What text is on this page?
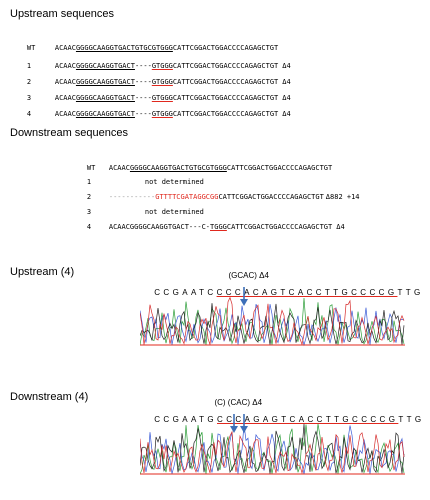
Upstream sequences

WT	ACAACGGGGCAAGGTGACTGTGCGTGGGCATTCGGACTGGACCCCAGAGCTGT

1	ACAACGGGGCAAGGTGACT----GTGGGCATTCGGACTGGACCCCAGAGCTGT Δ4

2	ACAACGGGGCAAGGTGACT----GTGGGCATTCGGACTGGACCCCAGAGCTGT Δ4

3	ACAACGGGGCAAGGTGACT----GTGGGCATTCGGACTGGACCCCAGAGCTGT Δ4

4	ACAACGGGGCAAGGTGACT----GTGGGCATTCGGACTGGACCCCAGAGCTGT Δ4

Downstream sequences

WT ACAACGGGGCAAGGTGACTGTGCGTGGGCATTCGGACTGGACCCCAGAGCTGT

1	not determined

2	-----------GTTTTCGATAGGCGGCATTCGGACTGGACCCCAGAGCTGT Δ882 +14

3	not determined

4	ACAACGGGGCAAGGTGACT---C-TGGGCATTCGGACTGGACCCCAGAGCTGT Δ4

Upstream (4)	(GCAC) Δ4

CCGAATCCCCACAGTCACCTTGCCCCGTTG

Downstream (4)	(C) (CAC) Δ4

CCGAATGCCCAGAGTCACCTTGCCCCGTTG
